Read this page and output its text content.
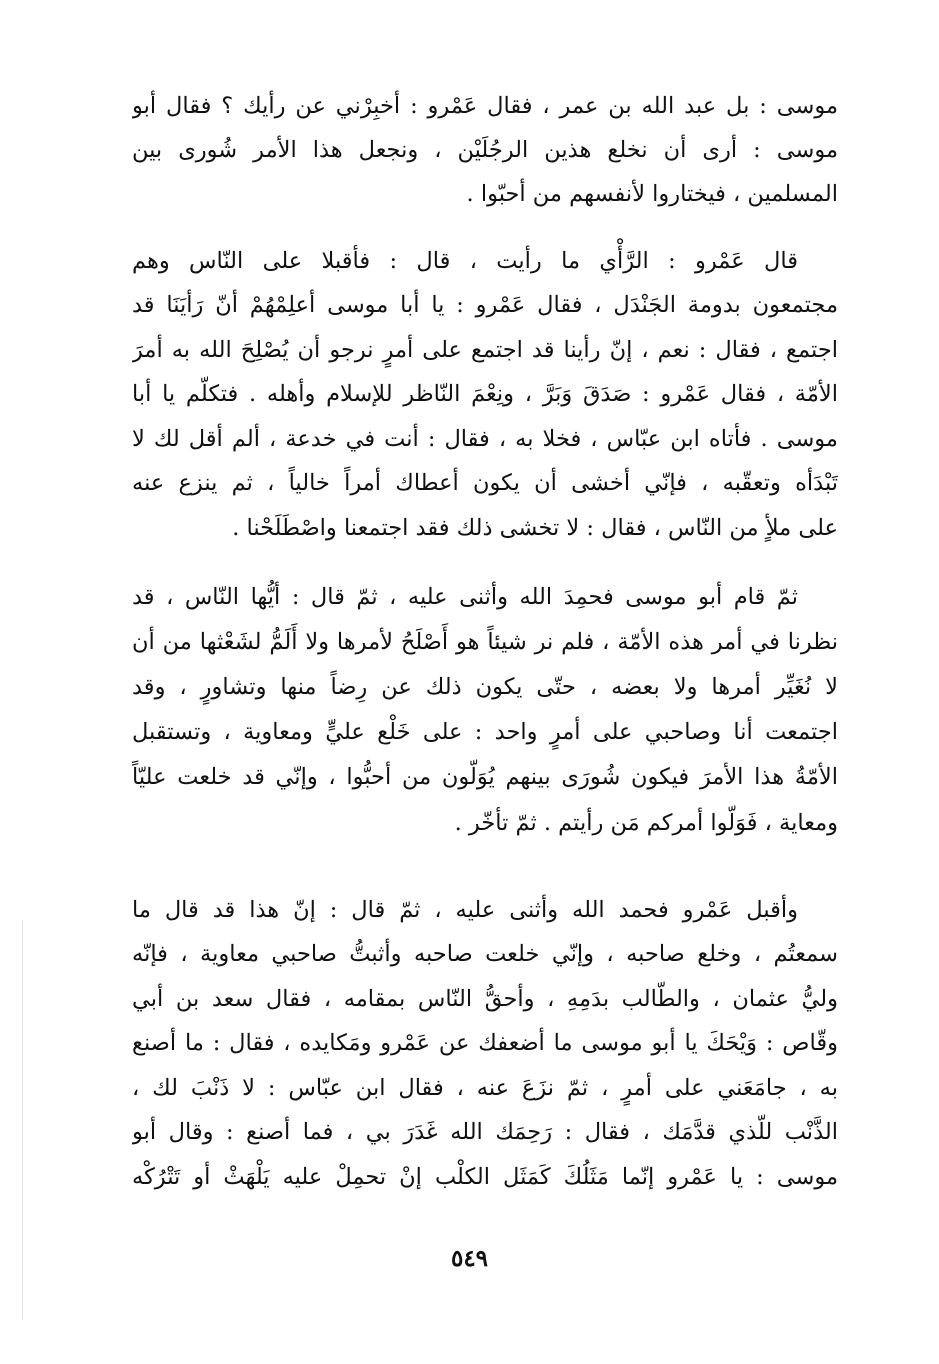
موسى : بل عبد الله بن عمر ، فقال عَمْرو : أخبِرْني عن رأيك ؟ فقال أبو
موسى : أرى أن نخلع هذين الرجُلَيْن ، ونجعل هذا الأمر شُورى بين
المسلمين ، فيختاروا لأنفسهم من أحبّوا .
قال عَمْرو : الرَّأْي ما رأيت ، قال : فأقبلا على النّاس وهم
مجتمعون بدومة الجَنْدَل ، فقال عَمْرو : يا أبا موسى أعلِمْهُمْ أنّ رَأيَنَا قد
اجتمع ، فقال : نعم ، إنّ رأينا قد اجتمع على أمرٍ نرجو أن يُصْلِحَ الله به أمرَ
الأمّة ، فقال عَمْرو : صَدَقَ وَبَرَّ ، ونِعْمَ النّاظر للإسلام وأهله . فتكلّم يا أبا
موسى . فأتاه ابن عبّاس ، فخلا به ، فقال : أنت في خدعة ، ألم أقل لك لا
تَبْدَأه وتعقّبه ، فإنّي أخشى أن يكون أعطاك أمراً خالياً ، ثم ينزع عنه
على ملأٍ من النّاس ، فقال : لا تخشى ذلك فقد اجتمعنا واصْطَلَحْنا .
ثمّ قام أبو موسى فحمِدَ الله وأثنى عليه ، ثمّ قال : أيُّها النّاس ، قد
نظرنا في أمر هذه الأمّة ، فلم نر شيئاً هو أَصْلَحُ لأمرها ولا أَلَمُّ لشَعْثها من أن
لا نُغَيِّر أمرها ولا بعضه ، حتّى يكون ذلك عن رِضاً منها وتشاورٍ ، وقد
اجتمعت أنا وصاحبي على أمرٍ واحد : على خَلْع عليٍّ ومعاوية ، وتستقبل
الأمّةُ هذا الأمرَ فيكون شُورَى بينهم يُوَلّون من أحبُّوا ، وإنّي قد خلعت عليّاً
ومعاية ، فَوَلّوا أمركم مَن رأيتم . ثمّ تأخّر .
وأقبل عَمْرو فحمد الله وأثنى عليه ، ثمّ قال : إنّ هذا قد قال ما
سمعتُم ، وخلع صاحبه ، وإنّي خلعت صاحبه وأثبتُّ صاحبي معاوية ، فإنّه
وليُّ عثمان ، والطّالب بدَمِهِ ، وأحقُّ النّاس بمقامه ، فقال سعد بن أبي
وقّاص : وَيْحَكَ يا أبو موسى ما أضعفك عن عَمْرو ومَكايده ، فقال : ما أصنع
به ، جامَعَني على أمرٍ ، ثمّ نزَعَ عنه ، فقال ابن عبّاس : لا ذَنْبَ لك ،
الذَّنْب للّذي قدَّمَك ، فقال : رَحِمَك الله غَدَرَ بي ، فما أصنع : وقال أبو
موسى : يا عَمْرو إنّما مَثَلُكَ كَمَثَل الكلْب إنْ تحمِلْ عليه يَلْهَثْ أو تَتْرُكْه
٥٤٩
